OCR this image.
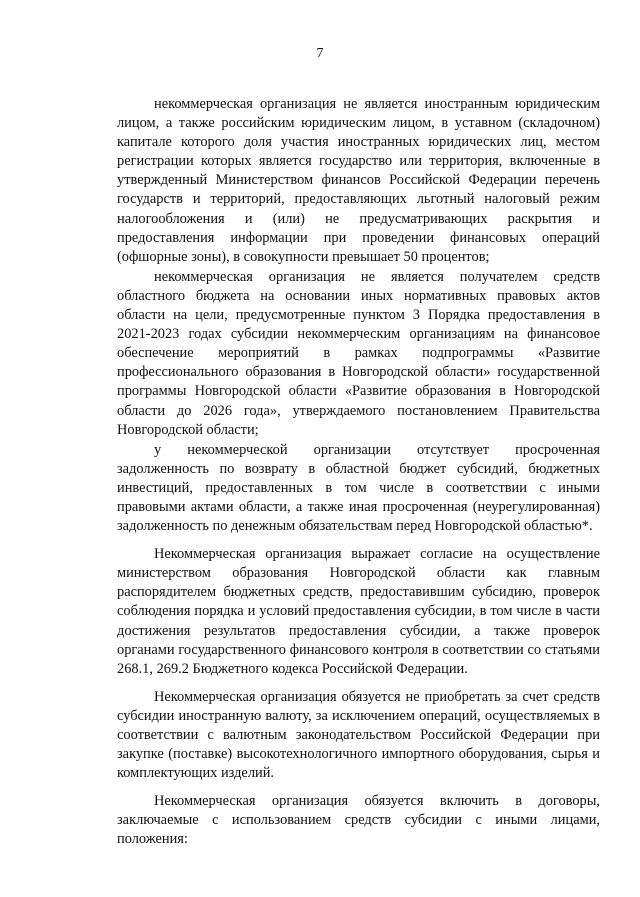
7

некоммерческая организация не является иностранным юридическим лицом, а также российским юридическим лицом, в уставном (складочном) капитале которого доля участия иностранных юридических лиц, местом регистрации которых является государство или территория, включенные в утвержденный Министерством финансов Российской Федерации перечень государств и территорий, предоставляющих льготный налоговый режим налогообложения и (или) не предусматривающих раскрытия и предоставления информации при проведении финансовых операций (офшорные зоны), в совокупности превышает 50 процентов;

некоммерческая организация не является получателем средств областного бюджета на основании иных нормативных правовых актов области на цели, предусмотренные пунктом 3 Порядка предоставления в 2021-2023 годах субсидии некоммерческим организациям на финансовое обеспечение мероприятий в рамках подпрограммы «Развитие профессионального образования в Новгородской области» государственной программы Новгородской области «Развитие образования в Новгородской области до 2026 года», утверждаемого постановлением Правительства Новгородской области;

у некоммерческой организации отсутствует просроченная задолженность по возврату в областной бюджет субсидий, бюджетных инвестиций, предоставленных в том числе в соответствии с иными правовыми актами области, а также иная просроченная (неурегулированная) задолженность по денежным обязательствам перед Новгородской областью*.

Некоммерческая организация выражает согласие на осуществление министерством образования Новгородской области как главным распорядителем бюджетных средств, предоставившим субсидию, проверок соблюдения порядка и условий предоставления субсидии, в том числе в части достижения результатов предоставления субсидии, а также проверок органами государственного финансового контроля в соответствии со статьями 268.1, 269.2 Бюджетного кодекса Российской Федерации.

Некоммерческая организация обязуется не приобретать за счет средств субсидии иностранную валюту, за исключением операций, осуществляемых в соответствии с валютным законодательством Российской Федерации при закупке (поставке) высокотехнологичного импортного оборудования, сырья и комплектующих изделий.

Некоммерческая организация обязуется включить в договоры, заключаемые с использованием средств субсидии с иными лицами, положения:
